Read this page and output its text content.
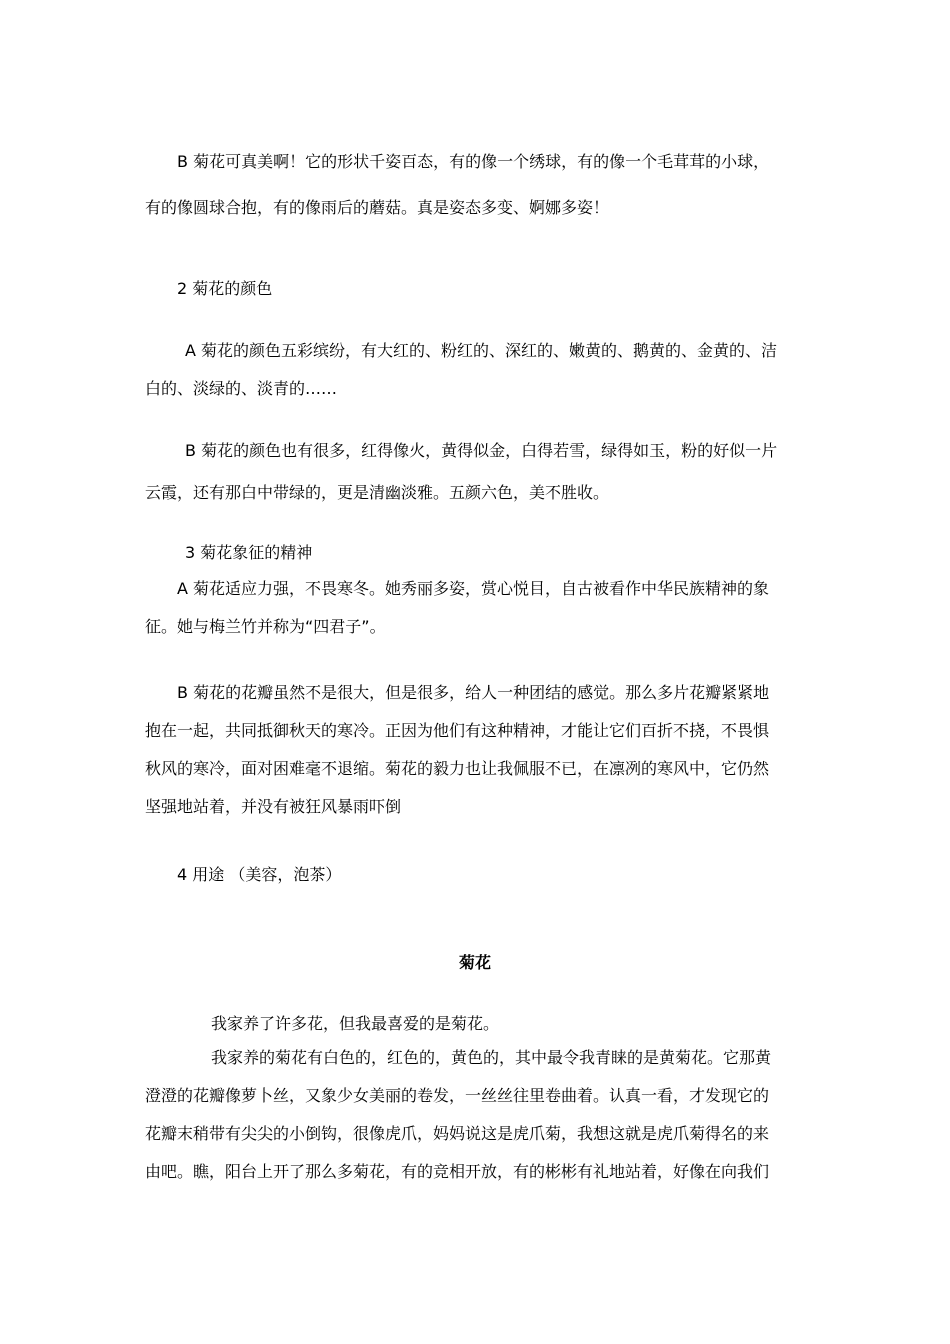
B 菊花可真美啊！它的形状千姿百态，有的像一个绣球，有的像一个毛茸茸的小球，
有的像圆球合抱，有的像雨后的蘑菇。真是姿态多变、婀娜多姿！

2 菊花的颜色

A 菊花的颜色五彩缤纷，有大红的、粉红的、深红的、嫩黄的、鹅黄的、金黄的、洁
白的、淡绿的、淡青的……

B 菊花的颜色也有很多，红得像火，黄得似金，白得若雪，绿得如玉，粉的好似一片
云霞，还有那白中带绿的，更是清幽淡雅。五颜六色，美不胜收。

3 菊花象征的精神

A 菊花适应力强，不畏寒冬。她秀丽多姿，赏心悦目，自古被看作中华民族精神的象
征。她与梅兰竹并称为“四君子”。

B 菊花的花瓣虽然不是很大，但是很多，给人一种团结的感觉。那么多片花瓣紧紧地
抱在一起，共同抵御秋天的寒冷。正因为他们有这种精神，才能让它们百折不挠，不畏惧
秋风的寒冷，面对困难毫不退缩。菊花的毅力也让我佩服不已，在凛冽的寒风中，它仍然
坚强地站着，并没有被狂风暴雨吓倒

4 用途 （美容，泡茶）

菊花

我家养了许多花，但我最喜爱的是菊花。

我家养的菊花有白色的，红色的，黄色的，其中最令我青睐的是黄菊花。它那黄
澄澄的花瓣像萝卜丝，又象少女美丽的卷发，一丝丝往里卷曲着。认真一看，才发现它的
花瓣末稍带有尖尖的小倒钩，很像虎爪，妈妈说这是虎爪菊，我想这就是虎爪菊得名的来
由吧。瞧，阳台上开了那么多菊花，有的竞相开放，有的彬彬有礼地站着，好像在向我们
